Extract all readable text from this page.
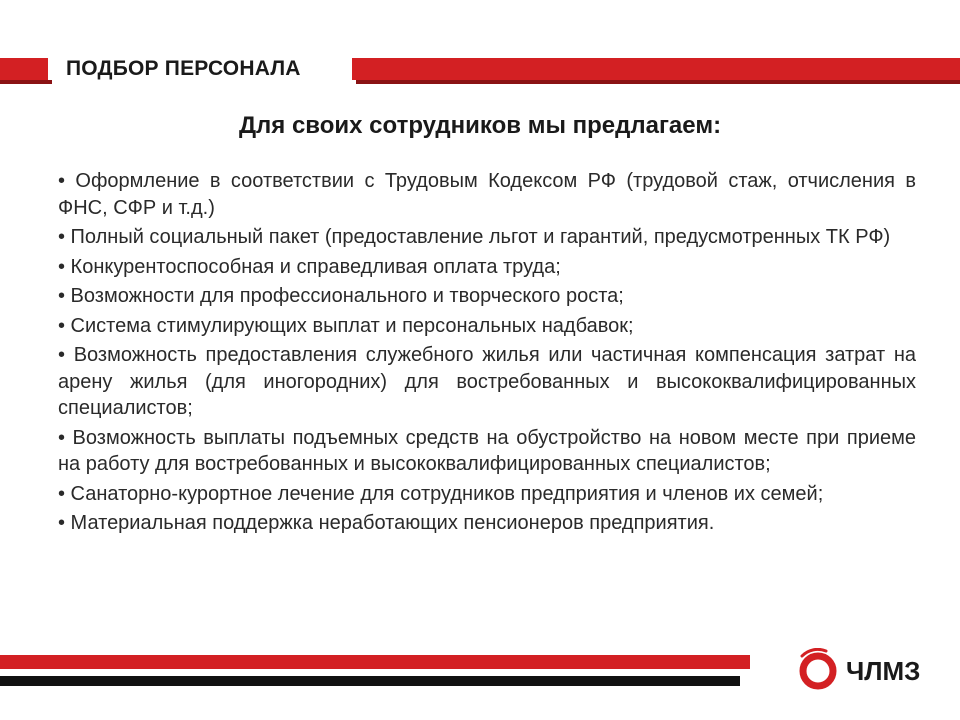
ПОДБОР ПЕРСОНАЛА
Для своих сотрудников мы предлагаем:
• Оформление в соответствии с Трудовым Кодексом РФ (трудовой стаж, отчисления в ФНС, СФР и т.д.)
• Полный социальный пакет (предоставление льгот и гарантий, предусмотренных ТК РФ)
• Конкурентоспособная и справедливая оплата труда;
• Возможности для профессионального и творческого роста;
• Система стимулирующих выплат и персональных надбавок;
• Возможность предоставления служебного жилья или частичная компенсация затрат на арену жилья (для иногородних) для востребованных и высококвалифицированных специалистов;
• Возможность выплаты подъемных средств на обустройство на новом месте при приеме на работу для востребованных и высококвалифицированных специалистов;
• Санаторно-курортное лечение для сотрудников предприятия и членов их семей;
• Материальная поддержка неработающих пенсионеров предприятия.
ЧЛМЗ
